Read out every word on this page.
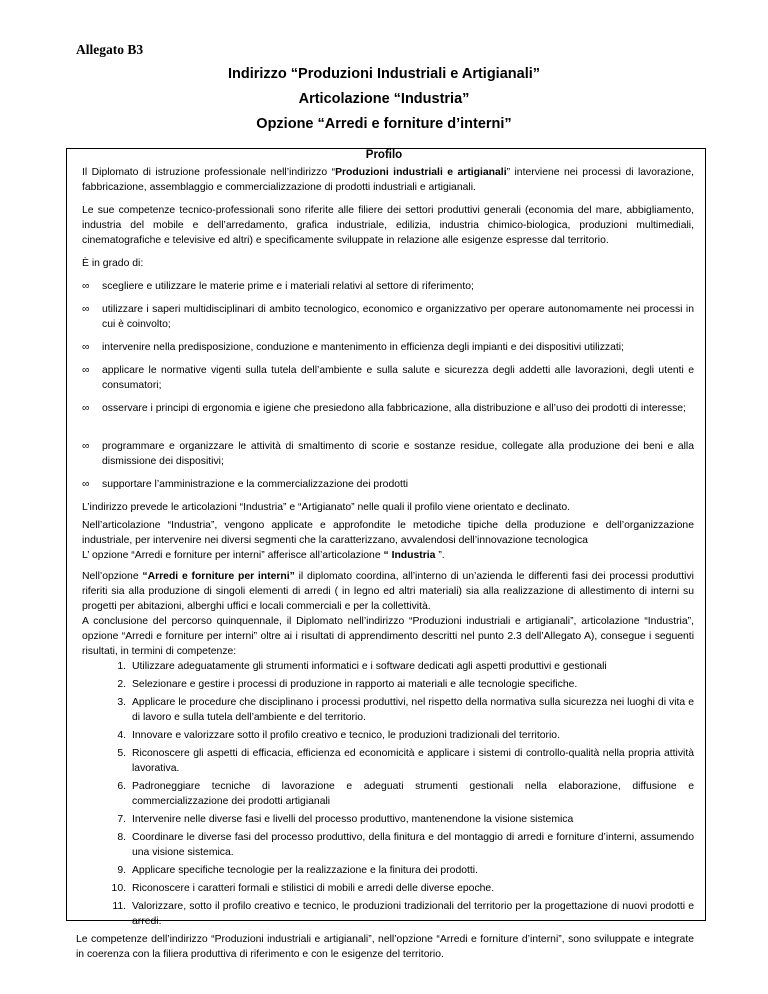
Allegato B3
Indirizzo “Produzioni Industriali e Artigianali”
Articolazione “Industria”
Opzione “Arredi e forniture d’interni”
Profilo
Il Diplomato di istruzione professionale nell’indirizzo “Produzioni industriali e artigianali” interviene nei processi di lavorazione, fabbricazione, assemblaggio e commercializzazione di prodotti industriali e artigianali.
Le sue competenze tecnico-professionali sono riferite alle filiere dei settori produttivi generali (economia del mare, abbigliamento, industria del mobile e dell’arredamento, grafica industriale, edilizia, industria chimico-biologica, produzioni multimediali, cinematografiche e televisive ed altri) e specificamente sviluppate in relazione alle esigenze espresse dal territorio.
È in grado di:
∞	scegliere e utilizzare le materie prime e i materiali relativi al settore di riferimento;
∞	utilizzare i saperi multidisciplinari di ambito tecnologico, economico e organizzativo per operare autonomamente nei processi in cui è coinvolto;
∞	intervenire nella predisposizione, conduzione e mantenimento in efficienza degli impianti e dei dispositivi utilizzati;
∞	applicare le normative vigenti sulla tutela dell’ambiente e sulla salute e sicurezza degli addetti alle lavorazioni, degli utenti e consumatori;
∞	osservare i principi di ergonomia e igiene che presiedono alla fabbricazione, alla distribuzione e all’uso dei prodotti di interesse;
∞	programmare e organizzare le attività di smaltimento di scorie e sostanze residue, collegate alla produzione dei beni e alla dismissione dei dispositivi;
∞	supportare l’amministrazione e la commercializzazione dei prodotti
L’indirizzo prevede le articolazioni “Industria” e “Artigianato” nelle quali il profilo viene orientato e declinato.
Nell’articolazione “Industria”, vengono applicate e approfondite le metodiche tipiche della produzione e dell’organizzazione industriale, per intervenire nei diversi segmenti che la caratterizzano, avvalendosi dell’innovazione tecnologica
L’ opzione “Arredi e forniture per interni” afferisce all’articolazione “ Industria ”.
Nell’opzione “Arredi e forniture per interni” il diplomato coordina, all’interno di un’azienda le differenti fasi dei processi produttivi riferiti sia alla produzione di singoli elementi di arredi ( in legno ed altri materiali) sia alla realizzazione di allestimento di interni su progetti per abitazioni, alberghi uffici e locali commerciali e per la collettività.
A conclusione del percorso quinquennale, il Diplomato nell’indirizzo “Produzioni industriali e artigianali”, articolazione “Industria”, opzione “Arredi e forniture per interni” oltre ai i risultati di apprendimento descritti nel punto 2.3 dell’Allegato A), consegue i seguenti risultati, in termini di competenze:
1. Utilizzare adeguatamente gli strumenti informatici e i software dedicati agli aspetti produttivi e gestionali
2. Selezionare e gestire i processi di produzione in rapporto ai materiali e alle tecnologie specifiche.
3. Applicare le procedure che disciplinano i processi produttivi, nel rispetto della normativa sulla sicurezza nei luoghi di vita e di lavoro e sulla tutela dell’ambiente e del territorio.
4. Innovare e valorizzare sotto il profilo creativo e tecnico, le produzioni tradizionali del territorio.
5. Riconoscere gli aspetti di efficacia, efficienza ed economicità e applicare i sistemi di controllo-qualità nella propria attività lavorativa.
6. Padroneggiare tecniche di lavorazione e adeguati strumenti gestionali nella elaborazione, diffusione e commercializzazione dei prodotti artigianali
7. Intervenire nelle diverse fasi e livelli del processo produttivo, mantenendone la visione sistemica
8. Coordinare le diverse fasi del processo produttivo, della finitura e del montaggio di arredi e forniture d’interni, assumendo una visione sistemica.
9. Applicare specifiche tecnologie per la realizzazione e la finitura dei prodotti.
10. Riconoscere i caratteri formali e stilistici di mobili e arredi delle diverse epoche.
11. Valorizzare, sotto il profilo creativo e tecnico, le produzioni tradizionali del territorio per la progettazione di nuovi prodotti e arredi.
Le competenze dell’indirizzo “Produzioni industriali e artigianali”, nell’opzione “Arredi e forniture d’interni”, sono sviluppate e integrate in coerenza con la filiera produttiva di riferimento e con le esigenze del territorio.
